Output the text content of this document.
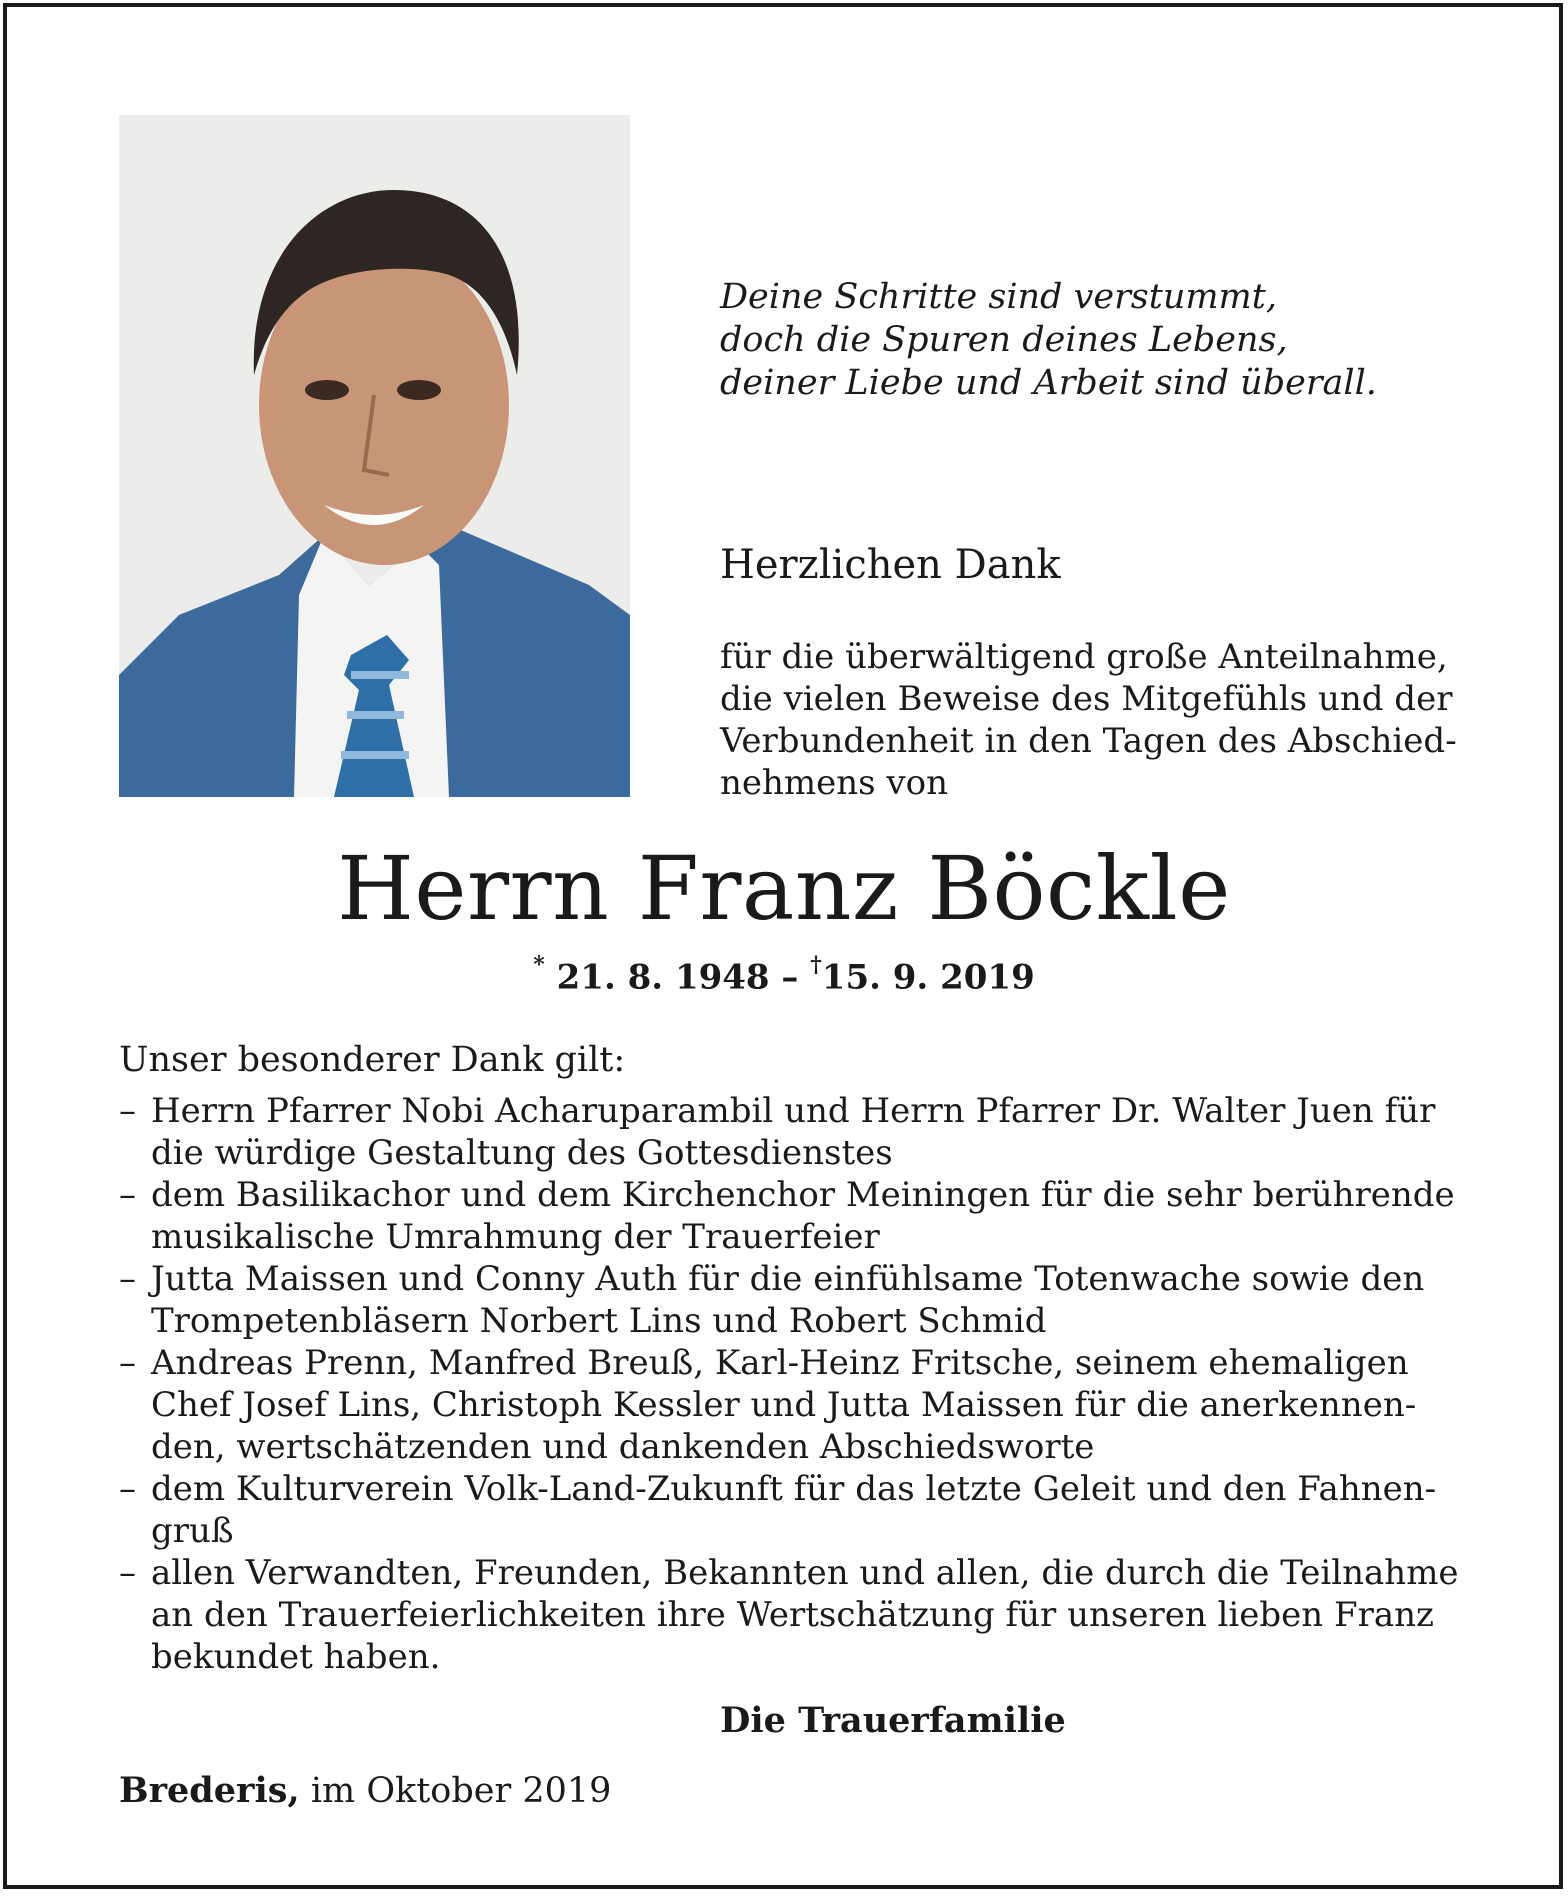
Deine Schritte sind verstummt,
doch die Spuren deines Lebens,
deiner Liebe und Arbeit sind überall.

Herzlichen Dank

für die überwältigend große Anteilnahme,
die vielen Beweise des Mitgefühls und der
Verbundenheit in den Tagen des Abschied-
nehmens von

Herrn Franz Böckle

* 21. 8. 1948 – †15. 9. 2019

Unser besonderer Dank gilt:

– Herrn Pfarrer Nobi Acharuparambil und Herrn Pfarrer Dr. Walter Juen für
die würdige Gestaltung des Gottesdienstes
– dem Basilikachor und dem Kirchenchor Meiningen für die sehr berührende
musikalische Umrahmung der Trauerfeier
– Jutta Maissen und Conny Auth für die einfühlsame Totenwache sowie den
Trompetenbläsern Norbert Lins und Robert Schmid
– Andreas Prenn, Manfred Breuß, Karl-Heinz Fritsche, seinem ehemaligen
Chef Josef Lins, Christoph Kessler und Jutta Maissen für die anerkennen-
den, wertschätzenden und dankenden Abschiedsworte
– dem Kulturverein Volk-Land-Zukunft für das letzte Geleit und den Fahnen-
gruß
– allen Verwandten, Freunden, Bekannten und allen, die durch die Teilnahme
an den Trauerfeierlichkeiten ihre Wertschätzung für unseren lieben Franz
bekundet haben.

Die Trauerfamilie

Brederis, im Oktober 2019
